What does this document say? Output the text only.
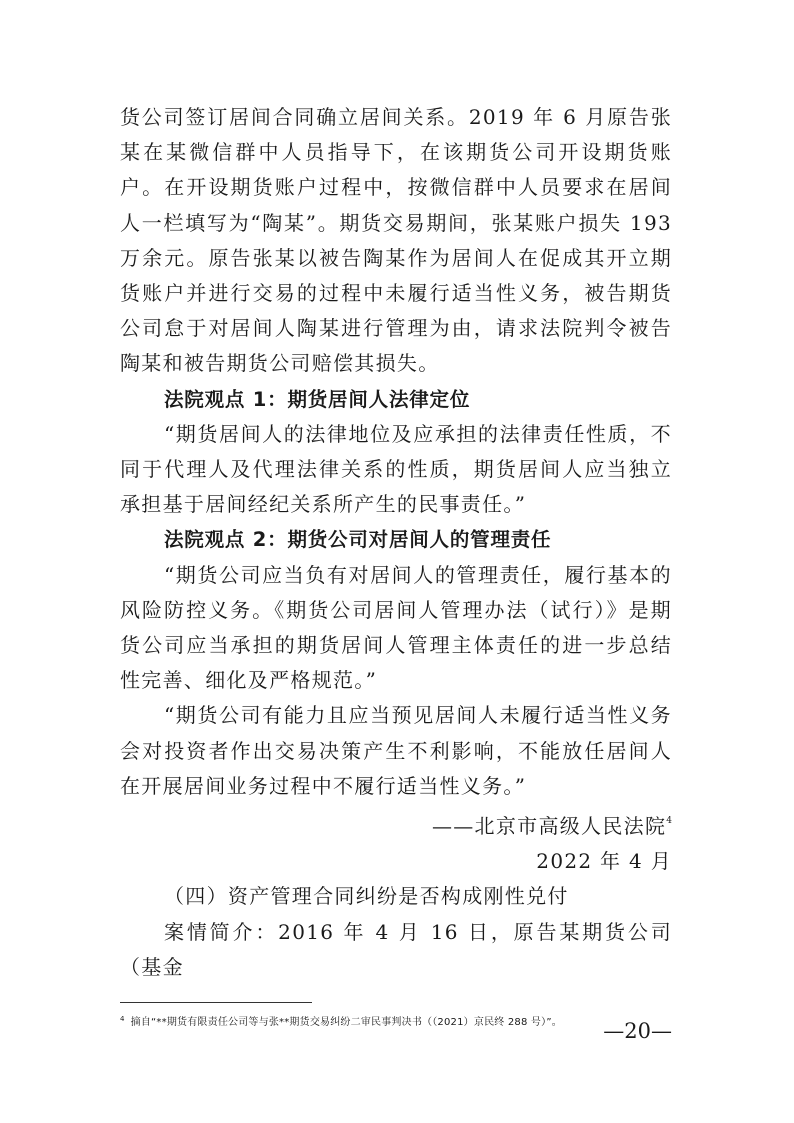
货公司签订居间合同确立居间关系。2019 年 6 月原告张某在某微信群中人员指导下，在该期货公司开设期货账户。在开设期货账户过程中，按微信群中人员要求在居间人一栏填写为“陶某”。期货交易期间，张某账户损失 193 万余元。原告张某以被告陶某作为居间人在促成其开立期货账户并进行交易的过程中未履行适当性义务，被告期货公司怠于对居间人陶某进行管理为由，请求法院判令被告陶某和被告期货公司赔偿其损失。

法院观点 1：期货居间人法律定位

“期货居间人的法律地位及应承担的法律责任性质，不同于代理人及代理法律关系的性质，期货居间人应当独立承担基于居间经纪关系所产生的民事责任。”

法院观点 2：期货公司对居间人的管理责任

“期货公司应当负有对居间人的管理责任，履行基本的风险防控义务。《期货公司居间人管理办法（试行）》是期货公司应当承担的期货居间人管理主体责任的进一步总结性完善、细化及严格规范。”

“期货公司有能力且应当预见居间人未履行适当性义务会对投资者作出交易决策产生不利影响，不能放任居间人在开展居间业务过程中不履行适当性义务。”

——北京市高级人民法院$^4$

2022 年 4 月

（四）资产管理合同纠纷是否构成刚性兑付

案情简介：2016 年 4 月 16 日，原告某期货公司（基金

$^4$ 摘自“**期货有限责任公司等与张**期货交易纠纷二审民事判决书（（2021）京民终 288 号）”。	—20—
